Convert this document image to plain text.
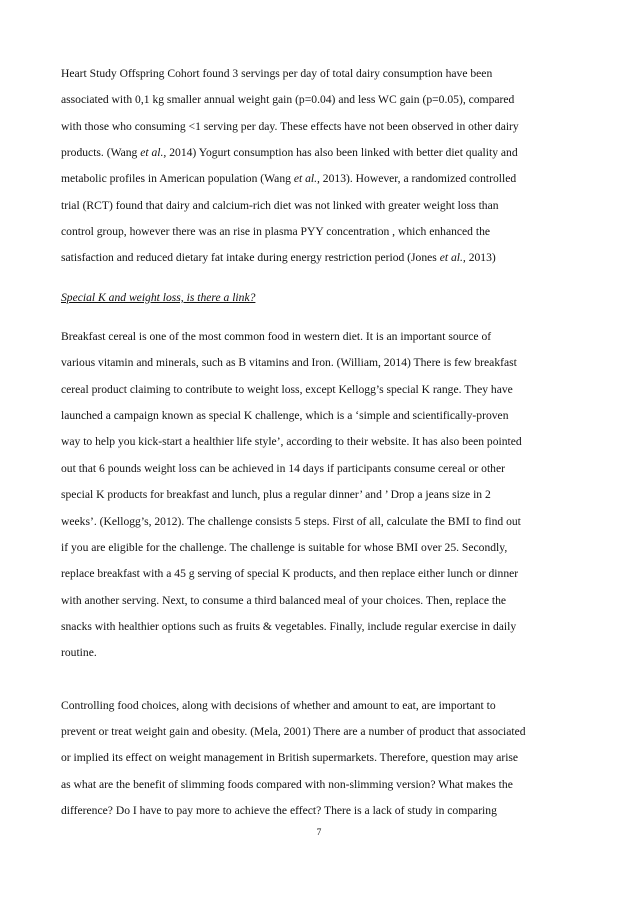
Heart Study Offspring Cohort found 3 servings per day of total dairy consumption have been
associated with 0,1 kg smaller annual weight gain (p=0.04) and less WC gain (p=0.05), compared
with those who consuming <1 serving per day. These effects have not been observed in other dairy
products. (Wang et al., 2014) Yogurt consumption has also been linked with better diet quality and
metabolic profiles in American population (Wang et al., 2013). However, a randomized controlled
trial (RCT) found that dairy and calcium-rich diet was not linked with greater weight loss than
control group, however there was an rise in plasma PYY concentration , which enhanced the
satisfaction and reduced dietary fat intake during energy restriction period (Jones et al., 2013)

Special K and weight loss, is there a link?

Breakfast cereal is one of the most common food in western diet. It is an important source of
various vitamin and minerals, such as B vitamins and Iron. (William, 2014) There is few breakfast
cereal product claiming to contribute to weight loss, except Kellogg’s special K range. They have
launched a campaign known as special K challenge, which is a ‘simple and scientifically-proven
way to help you kick-start a healthier life style’, according to their website. It has also been pointed
out that 6 pounds weight loss can be achieved in 14 days if participants consume cereal or other
special K products for breakfast and lunch, plus a regular dinner’ and ’ Drop a jeans size in 2
weeks’. (Kellogg’s, 2012). The challenge consists 5 steps. First of all, calculate the BMI to find out
if you are eligible for the challenge. The challenge is suitable for whose BMI over 25. Secondly,
replace breakfast with a 45 g serving of special K products, and then replace either lunch or dinner
with another serving. Next, to consume a third balanced meal of your choices. Then, replace the
snacks with healthier options such as fruits & vegetables. Finally, include regular exercise in daily
routine.

Controlling food choices, along with decisions of whether and amount to eat, are important to
prevent or treat weight gain and obesity. (Mela, 2001) There are a number of product that associated
or implied its effect on weight management in British supermarkets. Therefore, question may arise
as what are the benefit of slimming foods compared with non-slimming version? What makes the
difference? Do I have to pay more to achieve the effect? There is a lack of study in comparing

7
